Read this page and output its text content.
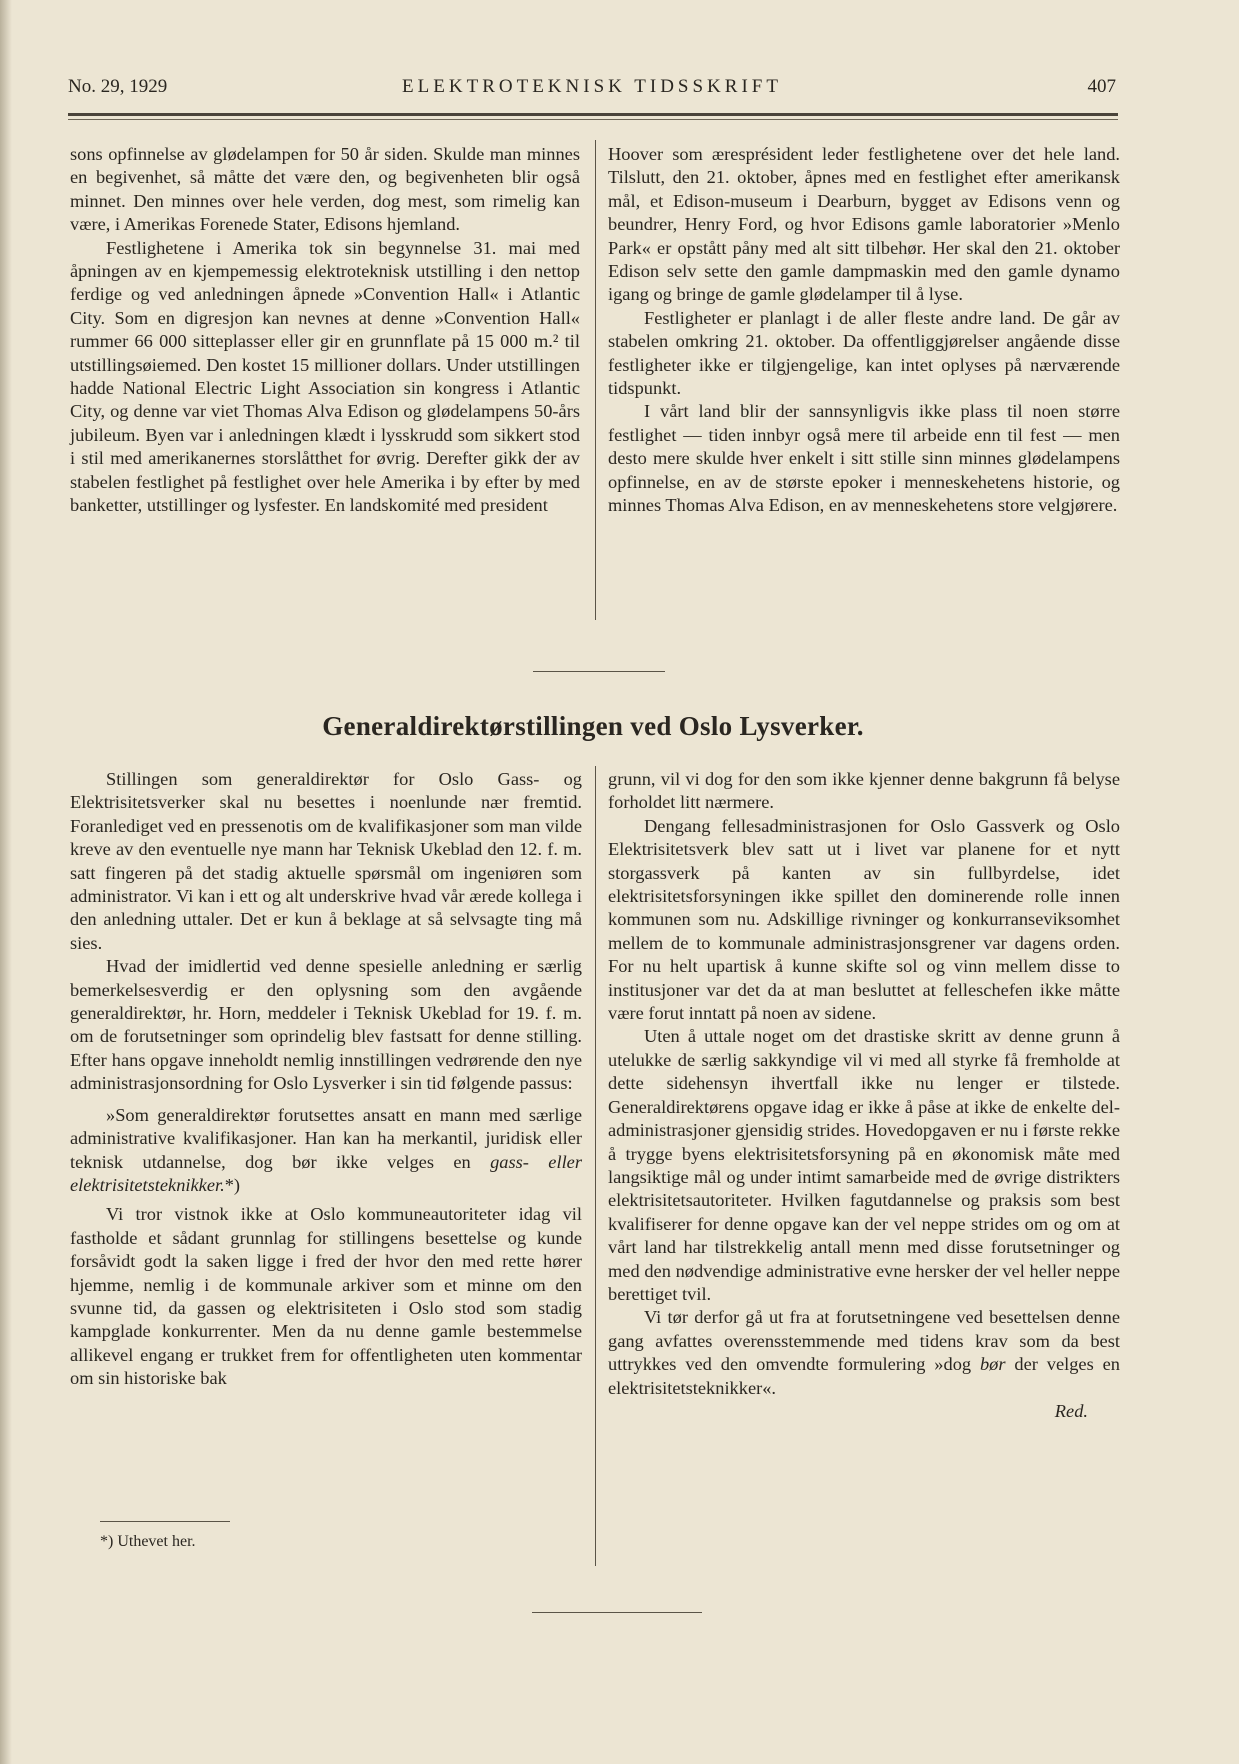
No. 29, 1929	ELEKTROTEKNISK TIDSSKRIFT	407

sons opfinnelse av glødelampen for 50 år siden. Skulde man minnes en begivenhet, så måtte det være den, og begivenheten blir også minnet. Den minnes over hele verden, dog mest, som rimelig kan være, i Amerikas Forenede Stater, Edisons hjemland.

Festlighetene i Amerika tok sin begynnelse 31. mai med åpningen av en kjempemessig elektroteknisk utstilling i den nettop ferdige og ved anledningen åpnede »Convention Hall« i Atlantic City. Som en digresjon kan nevnes at denne »Convention Hall« rummer 66 000 sitteplasser eller gir en grunnflate på 15 000 m.² til utstillingsøiemed. Den kostet 15 millioner dollars. Under utstillingen hadde National Electric Light Association sin kongress i Atlantic City, og denne var viet Thomas Alva Edison og glødelampens 50-års jubileum. Byen var i anledningen klædt i lysskrudd som sikkert stod i stil med amerikanernes storslåtthet for øvrig. Derefter gikk der av stabelen festlighet på festlighet over hele Amerika i by efter by med banketter, utstillinger og lysfester. En landskomité med president

Hoover som æresprésident leder festlighetene over det hele land. Tilslutt, den 21. oktober, åpnes med en festlighet efter amerikansk mål, et Edison-museum i Dearburn, bygget av Edisons venn og beundrer, Henry Ford, og hvor Edisons gamle laboratorier »Menlo Park« er opstått påny med alt sitt tilbehør. Her skal den 21. oktober Edison selv sette den gamle dampmaskin med den gamle dynamo igang og bringe de gamle glødelamper til å lyse.

Festligheter er planlagt i de aller fleste andre land. De går av stabelen omkring 21. oktober. Da offentliggjørelser angående disse festligheter ikke er tilgjengelige, kan intet oplyses på nærværende tidspunkt.

I vårt land blir der sannsynligvis ikke plass til noen større festlighet — tiden innbyr også mere til arbeide enn til fest — men desto mere skulde hver enkelt i sitt stille sinn minnes glødelampens opfinnelse, en av de største epoker i menneskehetens historie, og minnes Thomas Alva Edison, en av menneskehetens store velgjørere.

Generaldirektørstillingen ved Oslo Lysverker.

Stillingen som generaldirektør for Oslo Gass- og Elektrisitetsverker skal nu besettes i noenlunde nær fremtid. Foranlediget ved en pressenotis om de kvalifikasjoner som man vilde kreve av den eventuelle nye mann har Teknisk Ukeblad den 12. f. m. satt fingeren på det stadig aktuelle spørsmål om ingeniøren som administrator. Vi kan i ett og alt underskrive hvad vår ærede kollega i den anledning uttaler. Det er kun å beklage at så selvsagte ting må sies.

Hvad der imidlertid ved denne spesielle anledning er særlig bemerkelsesverdig er den oplysning som den avgående generaldirektør, hr. Horn, meddeler i Teknisk Ukeblad for 19. f. m. om de forutsetninger som oprindelig blev fastsatt for denne stilling. Efter hans opgave inneholdt nemlig innstillingen vedrørende den nye administrasjonsordning for Oslo Lysverker i sin tid følgende passus:

»Som generaldirektør forutsettes ansatt en mann med særlige administrative kvalifikasjoner. Han kan ha merkantil, juridisk eller teknisk utdannelse, dog bør ikke velges en gass- eller elektrisitetsteknikker.*)

Vi tror vistnok ikke at Oslo kommuneautoriteter idag vil fastholde et sådant grunnlag for stillingens besettelse og kunde forsåvidt godt la saken ligge i fred der hvor den med rette hører hjemme, nemlig i de kommunale arkiver som et minne om den svunne tid, da gassen og elektrisiteten i Oslo stod som stadig kampglade konkurrenter. Men da nu denne gamle bestemmelse allikevel engang er trukket frem for offentligheten uten kommentar om sin historiske bak

grunn, vil vi dog for den som ikke kjenner denne bakgrunn få belyse forholdet litt nærmere.

Dengang fellesadministrasjonen for Oslo Gassverk og Oslo Elektrisitetsverk blev satt ut i livet var planene for et nytt storgassverk på kanten av sin fullbyrdelse, idet elektrisitetsforsyningen ikke spillet den dominerende rolle innen kommunen som nu. Adskillige rivninger og konkurranseviksomhet mellem de to kommunale administrasjonsgrener var dagens orden. For nu helt upartisk å kunne skifte sol og vinn mellem disse to institusjoner var det da at man besluttet at felleschefen ikke måtte være forut inntatt på noen av sidene.

Uten å uttale noget om det drastiske skritt av denne grunn å utelukke de særlig sakkyndige vil vi med all styrke få fremholde at dette sidehensyn ihvertfall ikke nu lenger er tilstede. Generaldirektørens opgave idag er ikke å påse at ikke de enkelte deladministrasjoner gjensidig strides. Hovedopgaven er nu i første rekke å trygge byens elektrisitetsforsyning på en økonomisk måte med langsiktige mål og under intimt samarbeide med de øvrige distrikters elektrisitetsautoriteter. Hvilken fagutdannelse og praksis som best kvalifiserer for denne opgave kan der vel neppe strides om og om at vårt land har tilstrekkelig antall menn med disse forutsetninger og med den nødvendige administrative evne hersker der vel heller neppe berettiget tvil.

Vi tør derfor gå ut fra at forutsetningene ved besettelsen denne gang avfattes overensstemmende med tidens krav som da best uttrykkes ved den omvendte formulering »dog bør der velges en elektrisitetsteknikker«.

Red.

*) Uthevet her.
